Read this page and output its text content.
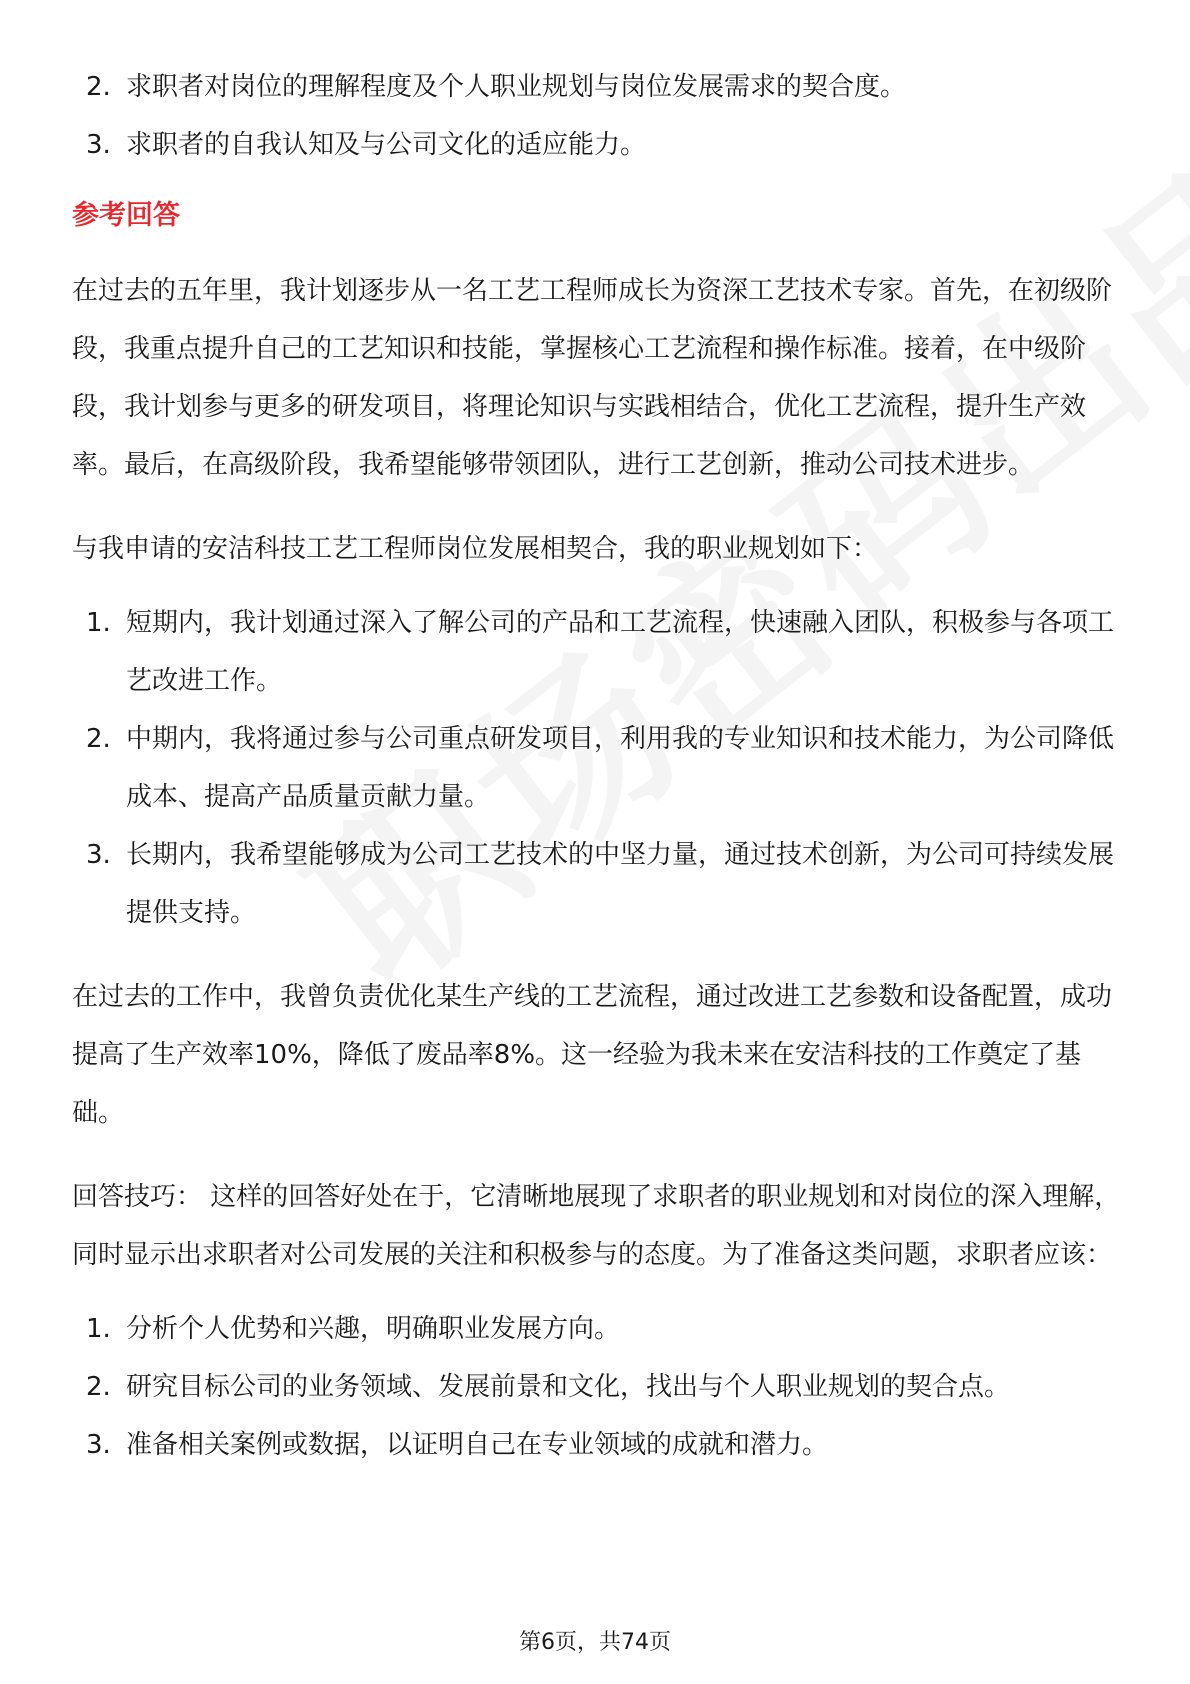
2. 求职者对岗位的理解程度及个人职业规划与岗位发展需求的契合度。
3. 求职者的自我认知及与公司文化的适应能力。
参考回答

在过去的五年里，我计划逐步从一名工艺工程师成长为资深工艺技术专家。首先，在初级阶段，我重点提升自己的工艺知识和技能，掌握核心工艺流程和操作标准。接着，在中级阶段，我计划参与更多的研发项目，将理论知识与实践相结合，优化工艺流程，提升生产效率。最后，在高级阶段，我希望能够带领团队，进行工艺创新，推动公司技术进步。

与我申请的安洁科技工艺工程师岗位发展相契合，我的职业规划如下：

1. 短期内，我计划通过深入了解公司的产品和工艺流程，快速融入团队，积极参与各项工艺改进工作。
2. 中期内，我将通过参与公司重点研发项目，利用我的专业知识和技术能力，为公司降低成本、提高产品质量贡献力量。
3. 长期内，我希望能够成为公司工艺技术的中坚力量，通过技术创新，为公司可持续发展提供支持。

在过去的工作中，我曾负责优化某生产线的工艺流程，通过改进工艺参数和设备配置，成功提高了生产效率10%，降低了废品率8%。这一经验为我未来在安洁科技的工作奠定了基础。

回答技巧： 这样的回答好处在于，它清晰地展现了求职者的职业规划和对岗位的深入理解，同时显示出求职者对公司发展的关注和积极参与的态度。为了准备这类问题，求职者应该：

1. 分析个人优势和兴趣，明确职业发展方向。
2. 研究目标公司的业务领域、发展前景和文化，找出与个人职业规划的契合点。
3. 准备相关案例或数据，以证明自己在专业领域的成就和潜力。
第6页，共74页
